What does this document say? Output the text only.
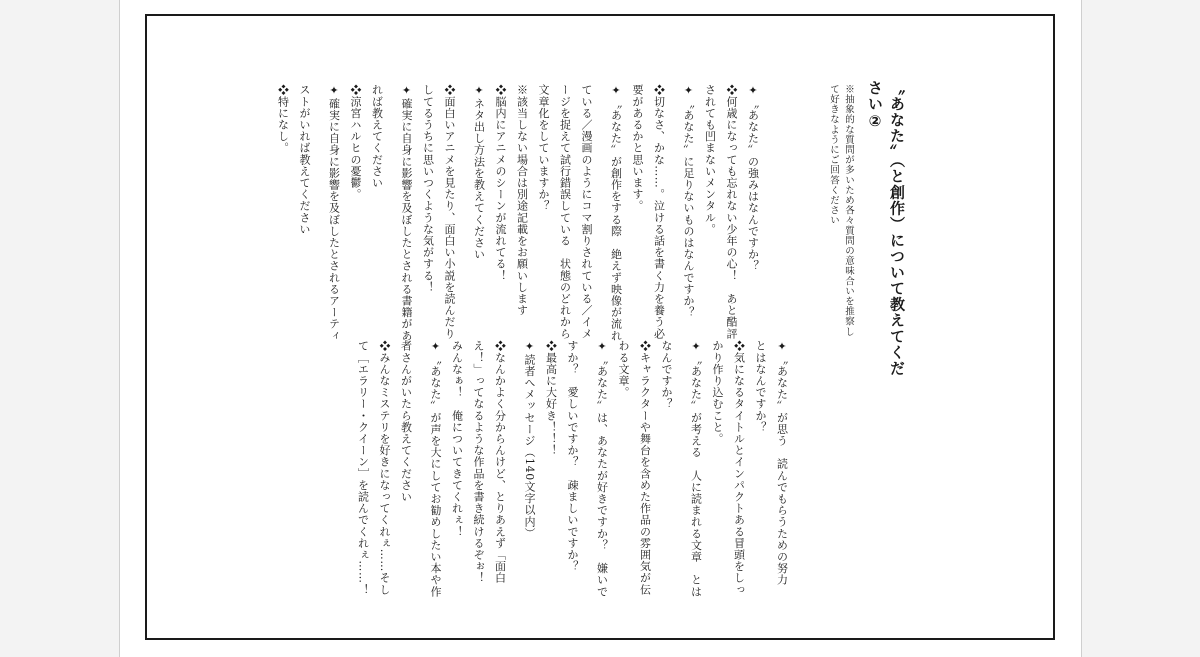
〝あなた〟（と創作）について教えてくだ

さい②

※抽象的な質問が多いため各々質問の意味合いを推察し

て好きなようにご回答ください

✦〝あなた〟の強みはなんですか？

❖何歳になっても忘れない少年の心！　あと酷評

されても凹まないメンタル。

✦〝あなた〟に足りないものはなんですか？

❖切なさ、かな……。泣ける話を書く力を養う必

要があるかと思います。

✦〝あなた〟が創作をする際　絶えず映像が流れ

ている／漫画のようにコマ割りされている／イメ

ージを捉えて試行錯誤している　状態のどれから

文章化をしていますか？

※該当しない場合は別途記載をお願いします

❖脳内にアニメのシーンが流れてる！

✦ネタ出し方法を教えてください

❖面白いアニメを見たり、面白い小説を読んだり

してるうちに思いつくような気がする！

✦確実に自身に影響を及ぼしたとされる書籍があ

れば教えてください

❖涼宮ハルヒの憂鬱。

✦確実に自身に影響を及ぼしたとされるアーティ

ストがいれば教えてください

❖特になし。

✦〝あなた〟が思う　読んでもらうための努力

とはなんですか？

❖気になるタイトルとインパクトある冒頭をしっ

かり作り込むこと。

✦〝あなた〟が考える　人に読まれる文章　とは

なんですか？

❖キャラクターや舞台を含めた作品の雰囲気が伝

わる文章。

✦〝あなた〟は、あなたが好きですか？　嫌いで

すか？　愛しいですか？　疎ましいですか？

❖最高に大好き！！！

✦読者へメッセージ（140文字以内）

❖なんかよく分からんけど、とりあえず「面白

え！」ってなるような作品を書き続けるぞぉ！

みんなぁ！　俺についてきてくれぇ！

✦〝あなた〟が声を大にしてお勧めしたい本や作

者さんがいたら教えてください

❖みんなミステリを好きになってくれぇ……そし

て［エラリー・クイーン］を読んでくれぇ……！
